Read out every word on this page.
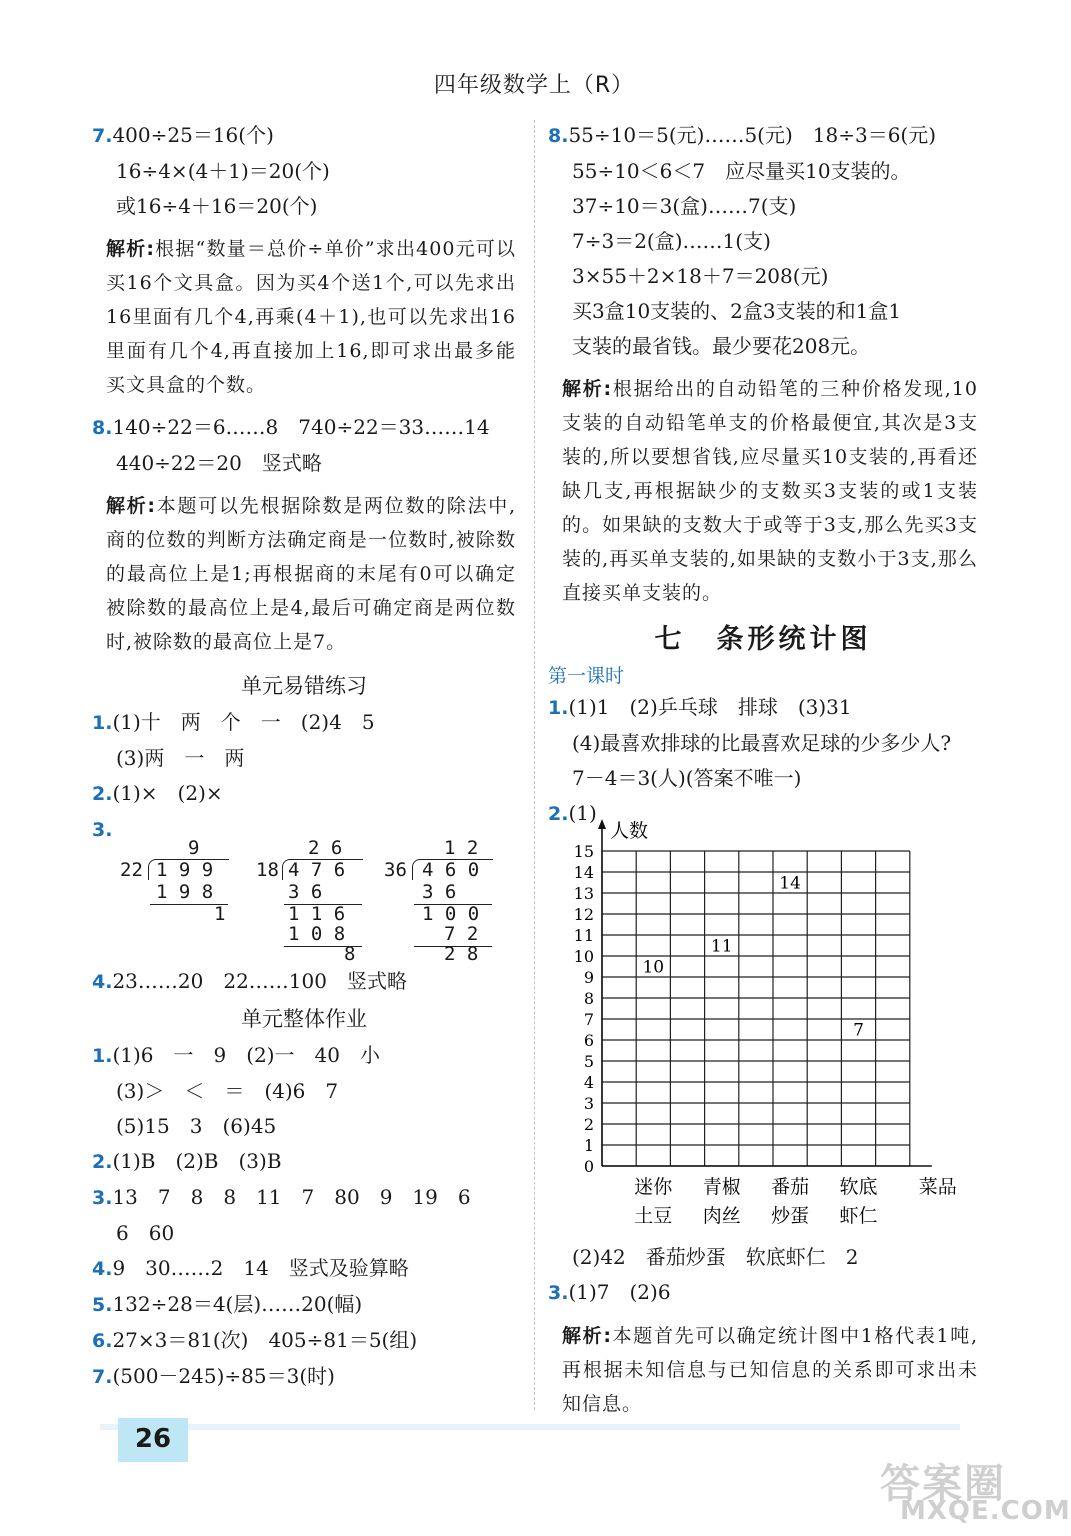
四年级数学上（R）
7.400÷25＝16(个)
16÷4×(4＋1)＝20(个)
或16÷4＋16＝20(个)
解析:根据“数量＝总价÷单价”求出400元可以买16个文具盒。因为买4个送1个,可以先求出16里面有几个4,再乘(4＋1),也可以先求出16里面有几个4,再直接加上16,即可求出最多能买文具盒的个数。
8.140÷22＝6……8　740÷22＝33……14
440÷22＝20　竖式略
解析:本题可以先根据除数是两位数的除法中,商的位数的判断方法确定商是一位数时,被除数的最高位上是1;再根据商的末尾有0可以确定被除数的最高位上是4,最后可确定商是两位数时,被除数的最高位上是7。
单元易错练习
1.(1)十　两　个　一　(2)4　5
(3)两　一　两
2.(1)×　(2)×
3.
9
22 1 9 9
1 9 8
1
2 6
18 4 7 6
3 6
1 1 6
1 0 8
8
1 2
36 4 6 0
3 6
1 0 0
7 2
2 8
4.23……20　22……100　竖式略
单元整体作业
1.(1)6　一　9　(2)一　40　小
(3)＞　＜　＝　(4)6　7
(5)15　3　(6)45
2.(1)B　(2)B　(3)B
3.13　7　8　8　11　7　80　9　19　6
6　60
4.9　30……2　14　竖式及验算略
5.132÷28＝4(层)……20(幅)
6.27×3＝81(次)　405÷81＝5(组)
7.(500－245)÷85＝3(时)
8.55÷10＝5(元)……5(元)　18÷3＝6(元)
55÷10＜6＜7　应尽量买10支装的。
37÷10＝3(盒)……7(支)
7÷3＝2(盒)……1(支)
3×55＋2×18＋7＝208(元)
买3盒10支装的、2盒3支装的和1盒1
支装的最省钱。最少要花208元。
解析:根据给出的自动铅笔的三种价格发现,10支装的自动铅笔单支的价格最便宜,其次是3支装的,所以要想省钱,应尽量买10支装的,再看还缺几支,再根据缺少的支数买3支装的或1支装的。如果缺的支数大于或等于3支,那么先买3支装的,再买单支装的,如果缺的支数小于3支,那么直接买单支装的。
七　条形统计图
第一课时
1.(1)1　(2)乒乓球　排球　(3)31
(4)最喜欢排球的比最喜欢足球的少多少人?
7－4＝3(人)(答案不唯一)
2.(1)
人数
0
1
2
3
4
5
6
7
8
9
10
11
12
13
14
15
迷你
土豆
青椒
肉丝
番茄
炒蛋
软底
虾仁
菜品
10
11
14
7
(2)42　番茄炒蛋　软底虾仁　2
3.(1)7　(2)6
解析:本题首先可以确定统计图中1格代表1吨,再根据未知信息与已知信息的关系即可求出未知信息。
26
答案圈
MXQE.COM
